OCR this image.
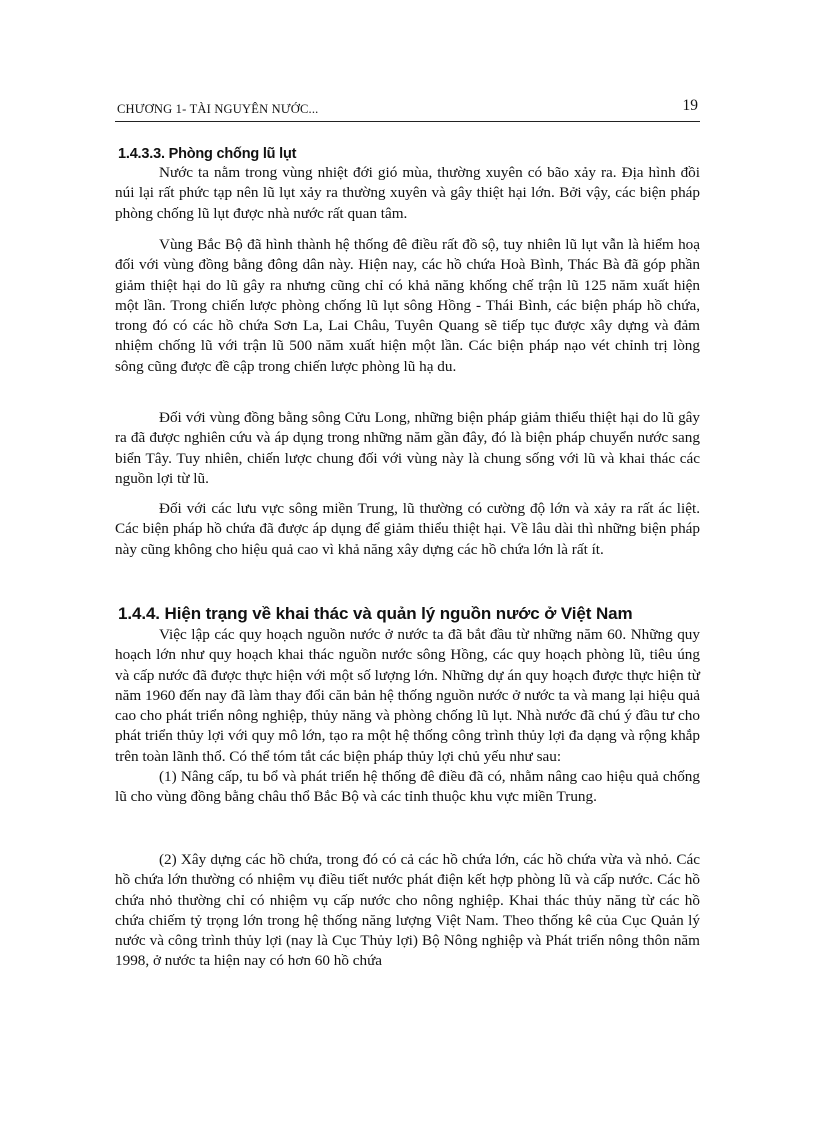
CHƯƠNG 1- TÀI NGUYÊN NƯỚC...	19
1.4.3.3. Phòng chống lũ lụt

Nước ta nằm trong vùng nhiệt đới gió mùa, thường xuyên có bão xảy ra. Địa hình đồi núi lại rất phức tạp nên lũ lụt xảy ra thường xuyên và gây thiệt hại lớn. Bởi vậy, các biện pháp phòng chống lũ lụt được nhà nước rất quan tâm.

Vùng Bắc Bộ đã hình thành hệ thống đê điều rất đồ sộ, tuy nhiên lũ lụt vẫn là hiểm hoạ đối với vùng đồng bằng đông dân này. Hiện nay, các hồ chứa Hoà Bình, Thác Bà đã góp phần giảm thiệt hại do lũ gây ra nhưng cũng chỉ có khả năng khống chế trận lũ 125 năm xuất hiện một lần. Trong chiến lược phòng chống lũ lụt sông Hồng - Thái Bình, các biện pháp hồ chứa, trong đó có các hồ chứa Sơn La, Lai Châu, Tuyên Quang sẽ tiếp tục được xây dựng và đảm nhiệm chống lũ với trận lũ 500 năm xuất hiện một lần. Các biện pháp nạo vét chỉnh trị lòng sông cũng được đề cập trong chiến lược phòng lũ hạ du.

Đối với vùng đồng bằng sông Cửu Long, những biện pháp giảm thiểu thiệt hại do lũ gây ra đã được nghiên cứu và áp dụng trong những năm gần đây, đó là biện pháp chuyển nước sang biển Tây. Tuy nhiên, chiến lược chung đối với vùng này là chung sống với lũ và khai thác các nguồn lợi từ lũ.

Đối với các lưu vực sông miền Trung, lũ thường có cường độ lớn và xảy ra rất ác liệt. Các biện pháp hồ chứa đã được áp dụng để giảm thiểu thiệt hại. Về lâu dài thì những biện pháp này cũng không cho hiệu quả cao vì khả năng xây dựng các hồ chứa lớn là rất ít.

1.4.4. Hiện trạng về khai thác và quản lý nguồn nước ở Việt Nam

Việc lập các quy hoạch nguồn nước ở nước ta đã bắt đầu từ những năm 60. Những quy hoạch lớn như quy hoạch khai thác nguồn nước sông Hồng, các quy hoạch phòng lũ, tiêu úng và cấp nước đã được thực hiện với một số lượng lớn. Những dự án quy hoạch được thực hiện từ năm 1960 đến nay đã làm thay đổi căn bản hệ thống nguồn nước ở nước ta và mang lại hiệu quả cao cho phát triển nông nghiệp, thủy năng và phòng chống lũ lụt. Nhà nước đã chú ý đầu tư cho phát triển thủy lợi với quy mô lớn, tạo ra một hệ thống công trình thủy lợi đa dạng và rộng khắp trên toàn lãnh thổ. Có thể tóm tắt các biện pháp thủy lợi chủ yếu như sau:

(1) Nâng cấp, tu bổ và phát triển hệ thống đê điều đã có, nhằm nâng cao hiệu quả chống lũ cho vùng đồng bằng châu thổ Bắc Bộ và các tỉnh thuộc khu vực miền Trung.

(2) Xây dựng các hồ chứa, trong đó có cả các hồ chứa lớn, các hồ chứa vừa và nhỏ. Các hồ chứa lớn thường có nhiệm vụ điều tiết nước phát điện kết hợp phòng lũ và cấp nước. Các hồ chứa nhỏ thường chỉ có nhiệm vụ cấp nước cho nông nghiệp. Khai thác thủy năng từ các hồ chứa chiếm tỷ trọng lớn trong hệ thống năng lượng Việt Nam. Theo thống kê của Cục Quản lý nước và công trình thủy lợi (nay là Cục Thủy lợi) Bộ Nông nghiệp và Phát triển nông thôn năm 1998, ở nước ta hiện nay có hơn 60 hồ chứa
